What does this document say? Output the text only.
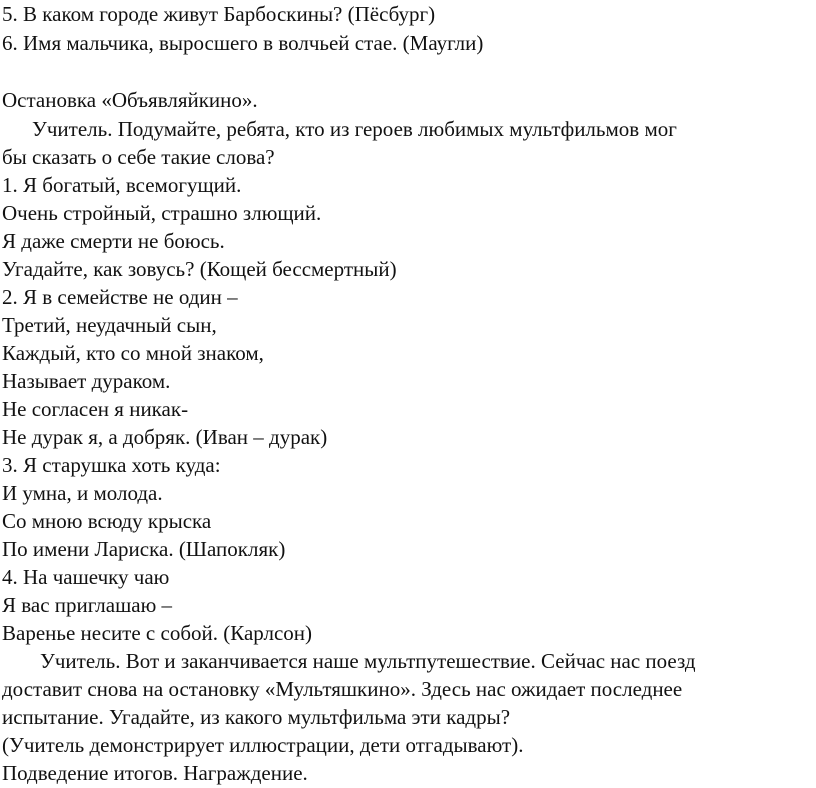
5. В каком городе живут Барбоскины? (Пёсбург)
6. Имя мальчика, выросшего в волчьей стае. (Маугли)
Остановка «Объявляйкино».
Учитель. Подумайте, ребята, кто из героев любимых мультфильмов мог
бы сказать о себе такие слова?
1. Я богатый, всемогущий.
Очень стройный, страшно злющий.
Я даже смерти не боюсь.
Угадайте, как зовусь? (Кощей бессмертный)
2. Я в семействе не один –
Третий, неудачный сын,
Каждый, кто со мной знаком,
Называет дураком.
Не согласен я никак-
Не дурак я, а добряк. (Иван – дурак)
3. Я старушка хоть куда:
И умна, и молода.
Со мною всюду крыска
По имени Лариска. (Шапокляк)
4. На чашечку чаю
Я вас приглашаю –
Варенье несите с собой. (Карлсон)
Учитель. Вот и заканчивается наше мультпутешествие. Сейчас нас поезд
доставит снова на остановку «Мультяшкино». Здесь нас ожидает последнее
испытание. Угадайте, из какого мультфильма эти кадры?
(Учитель демонстрирует иллюстрации, дети отгадывают).
Подведение итогов. Награждение.
